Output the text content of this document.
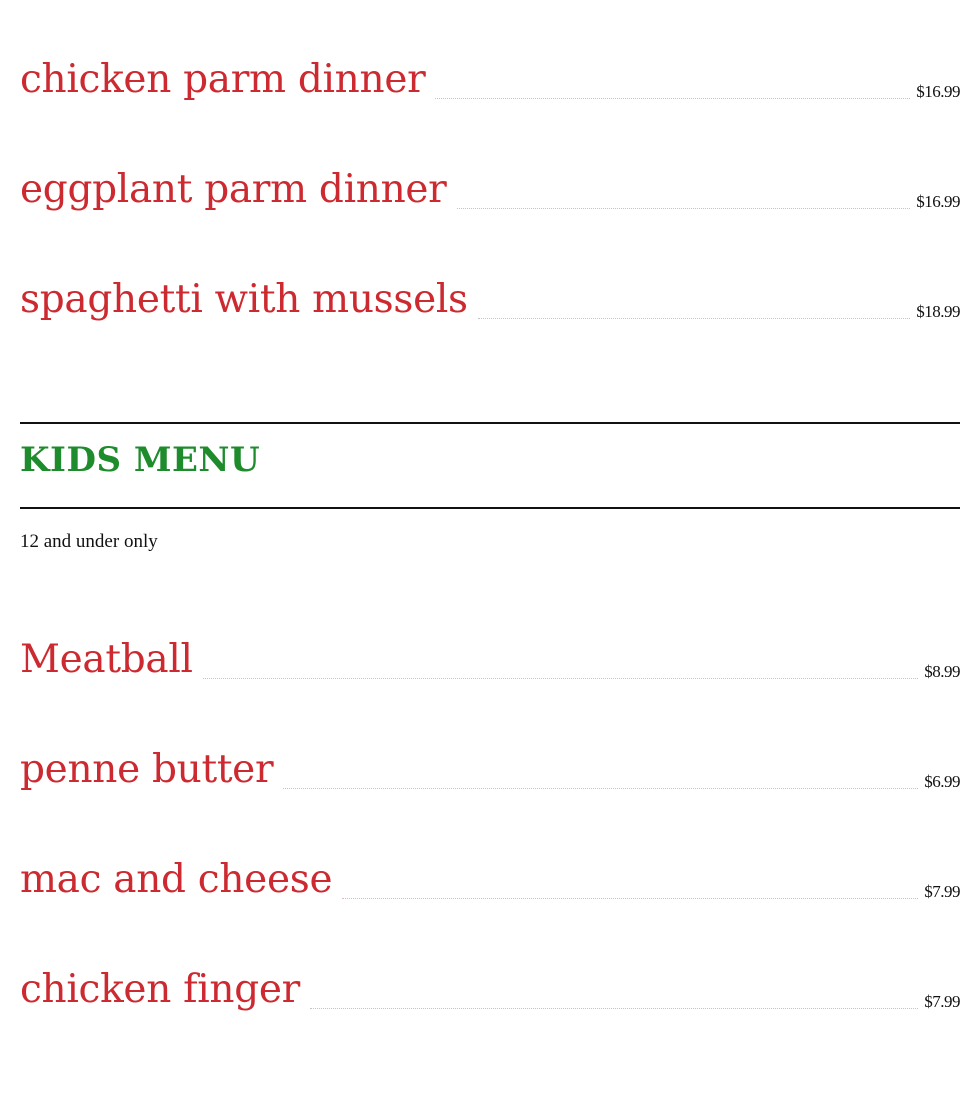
chicken parm dinner	$16.99
eggplant parm dinner	$16.99
spaghetti with mussels	$18.99
KIDS MENU
12 and under only
Meatball	$8.99
penne butter	$6.99
mac and cheese	$7.99
chicken finger	$7.99
